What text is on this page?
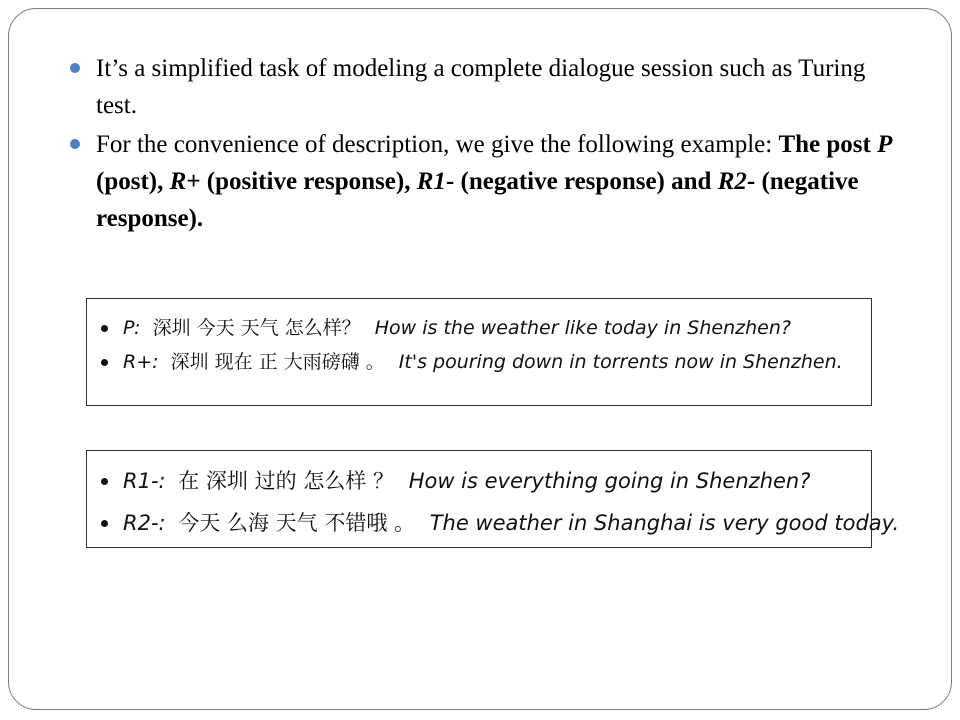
It’s a simplified task of modeling a complete dialogue session such as Turing test.
For the convenience of description, we give the following example: The post P (post), R+ (positive response), R1- (negative response) and R2- (negative response).
P: 深圳 今天 天气 怎么样？ How is the weather like today in Shenzhen?
R+: 深圳 现在 正 大雨磅礴 。 It's pouring down in torrents now in Shenzhen.
R1-: 在 深圳 过的 怎么样 ？ How is everything going in Shenzhen?
R2-: 今天 么海 天气 不错哦 。 The weather in Shanghai is very good today.
